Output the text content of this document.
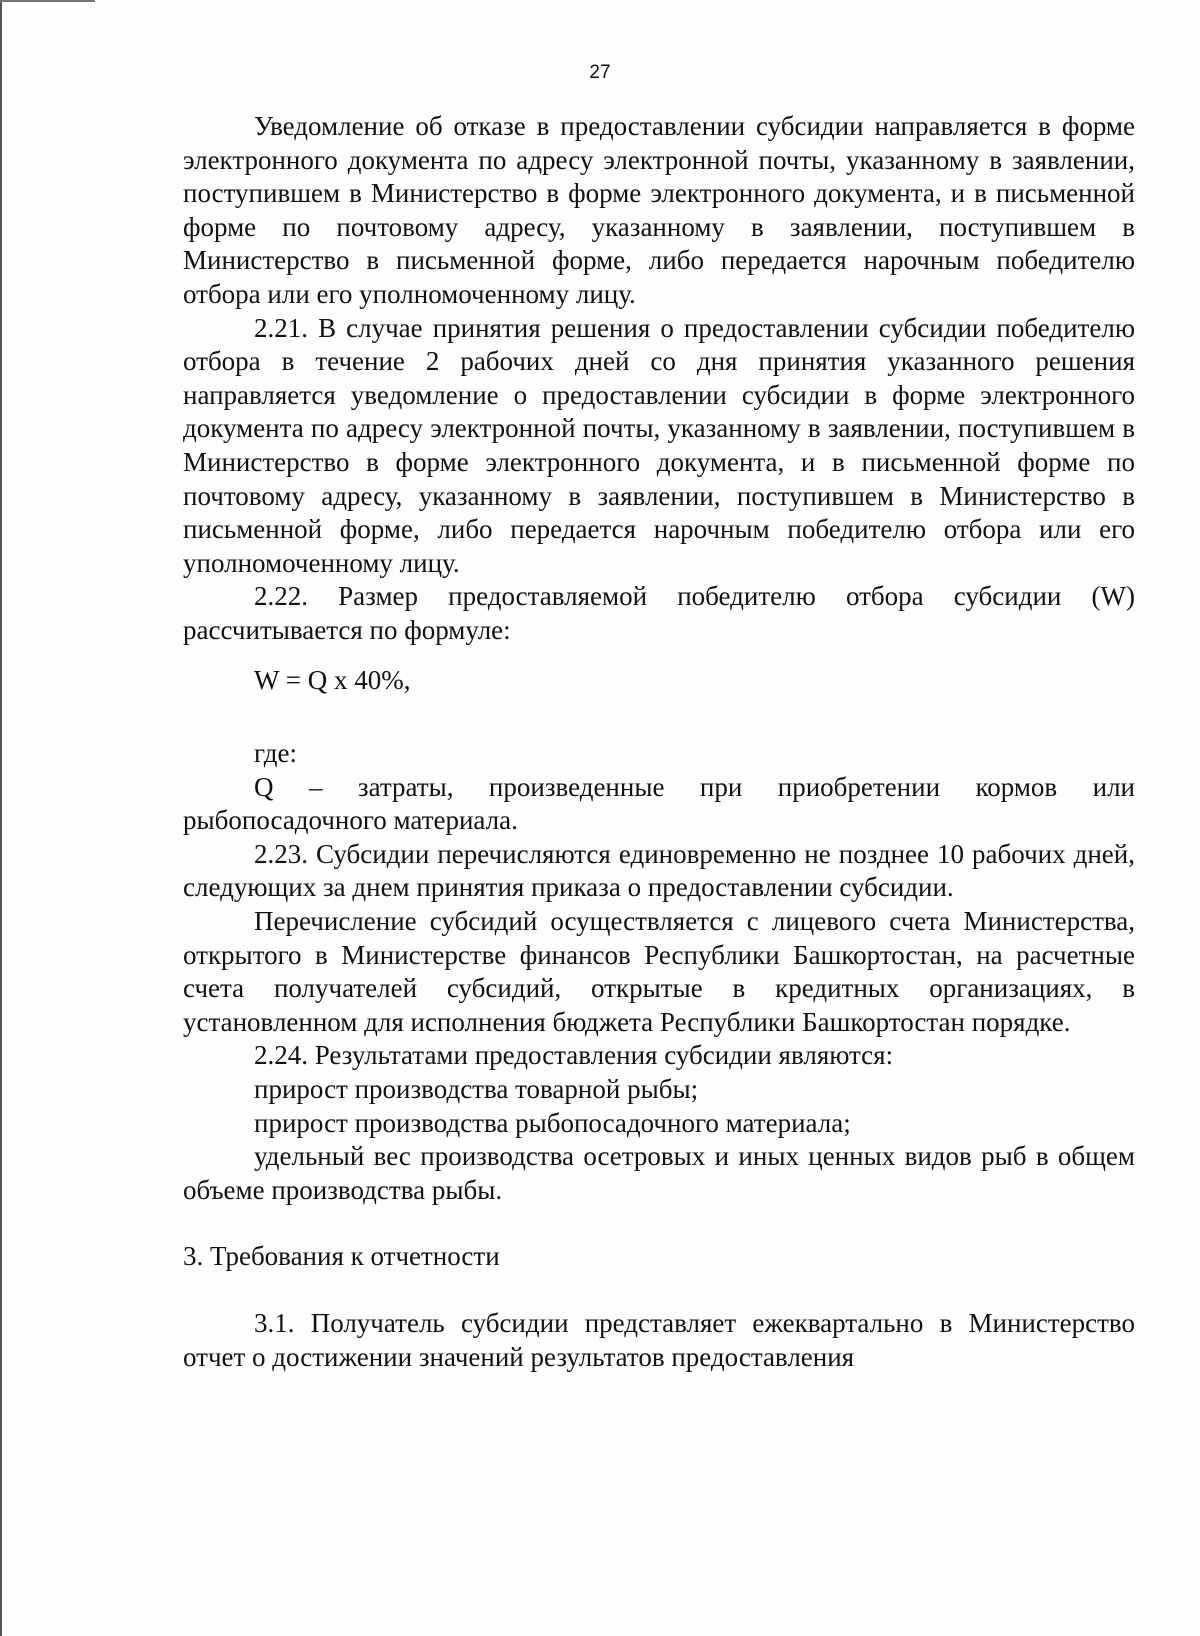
27

Уведомление об отказе в предоставлении субсидии направляется в форме электронного документа по адресу электронной почты, указанному в заявлении, поступившем в Министерство в форме электронного документа, и в письменной форме по почтовому адресу, указанному в заявлении, поступившем в Министерство в письменной форме, либо передается нарочным победителю отбора или его уполномоченному лицу.

2.21. В случае принятия решения о предоставлении субсидии победителю отбора в течение 2 рабочих дней со дня принятия указанного решения направляется уведомление о предоставлении субсидии в форме электронного документа по адресу электронной почты, указанному в заявлении, поступившем в Министерство в форме электронного документа, и в письменной форме по почтовому адресу, указанному в заявлении, поступившем в Министерство в письменной форме, либо передается нарочным победителю отбора или его уполномоченному лицу.

2.22. Размер предоставляемой победителю отбора субсидии (W) рассчитывается по формуле:

W = Q x 40%,

где:

Q – затраты, произведенные при приобретении кормов или рыбопосадочного материала.

2.23. Субсидии перечисляются единовременно не позднее 10 рабочих дней, следующих за днем принятия приказа о предоставлении субсидии.

Перечисление субсидий осуществляется с лицевого счета Министерства, открытого в Министерстве финансов Республики Башкортостан, на расчетные счета получателей субсидий, открытые в кредитных организациях, в установленном для исполнения бюджета Республики Башкортостан порядке.

2.24. Результатами предоставления субсидии являются:

прирост производства товарной рыбы;

прирост производства рыбопосадочного материала;

удельный вес производства осетровых и иных ценных видов рыб в общем объеме производства рыбы.

3. Требования к отчетности

3.1. Получатель субсидии представляет ежеквартально в Министерство отчет о достижении значений результатов предоставления
